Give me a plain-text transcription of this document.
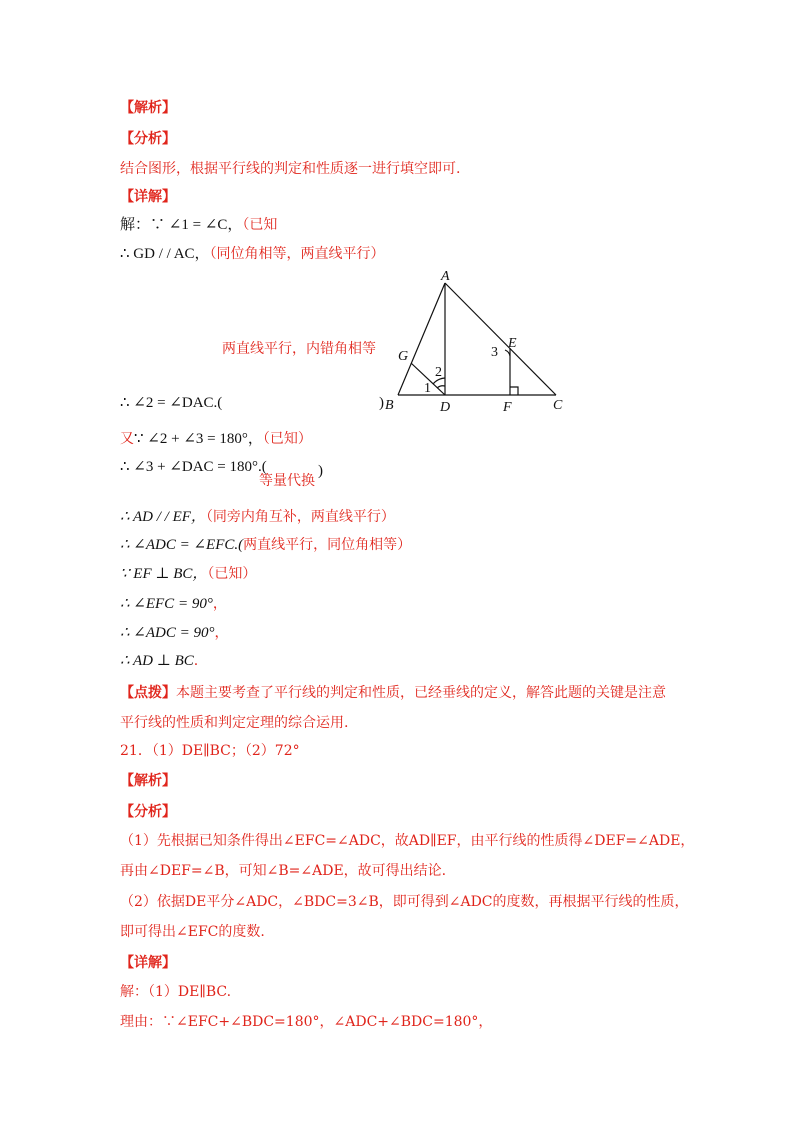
【解析】
【分析】
结合图形，根据平行线的判定和性质逐一进行填空即可.
【详解】
解：∵ ∠1 = ∠C，（已知
∴ GD / / AC，（同位角相等，两直线平行）
两直线平行，内错角相等
∴ ∠2 = ∠DAC.(	)
A
B	C
D
E
F
G
1
2
3
又∵ ∠2 + ∠3 = 180°，（已知）
∴ ∠3 + ∠DAC = 180°.(
等量代换
)
∴ AD / / EF，（同旁内角互补，两直线平行）
∴ ∠ADC = ∠EFC.(两直线平行，同位角相等）
∵ EF ⊥ BC，（已知）
∴ ∠EFC = 90°，
∴ ∠ADC = 90°，
∴ AD ⊥ BC.
【点拨】本题主要考查了平行线的判定和性质，已经垂线的定义，解答此题的关键是注意
平行线的性质和判定定理的综合运用.
21．（1）DE∥BC；（2）72°
【解析】
【分析】
（1）先根据已知条件得出∠EFC=∠ADC，故AD∥EF，由平行线的性质得∠DEF=∠ADE，
再由∠DEF=∠B，可知∠B=∠ADE，故可得出结论.
（2）依据DE平分∠ADC，∠BDC=3∠B，即可得到∠ADC的度数，再根据平行线的性质，
即可得出∠EFC的度数.
【详解】
解：（1）DE∥BC.
理由：∵∠EFC+∠BDC=180°，∠ADC+∠BDC=180°，
